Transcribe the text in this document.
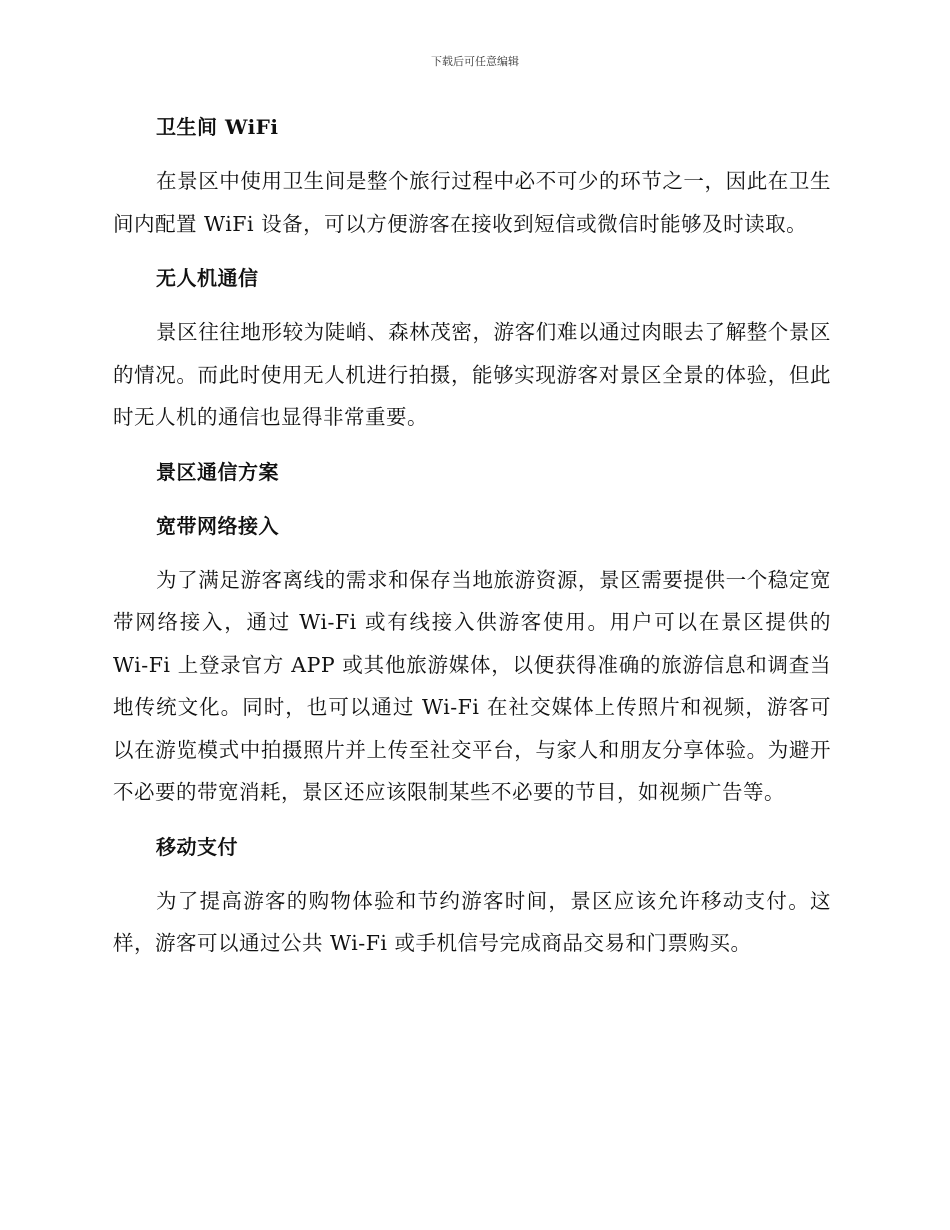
下载后可任意编辑
卫生间 WiFi

在景区中使用卫生间是整个旅行过程中必不可少的环节之一，因此在卫生间内配置 WiFi 设备，可以方便游客在接收到短信或微信时能够及时读取。

无人机通信

景区往往地形较为陡峭、森林茂密，游客们难以通过肉眼去了解整个景区的情况。而此时使用无人机进行拍摄，能够实现游客对景区全景的体验，但此时无人机的通信也显得非常重要。

景区通信方案
宽带网络接入

为了满足游客离线的需求和保存当地旅游资源，景区需要提供一个稳定宽带网络接入，通过 Wi-Fi 或有线接入供游客使用。用户可以在景区提供的 Wi-Fi 上登录官方 APP 或其他旅游媒体，以便获得准确的旅游信息和调查当地传统文化。同时，也可以通过 Wi-Fi 在社交媒体上传照片和视频，游客可以在游览模式中拍摄照片并上传至社交平台，与家人和朋友分享体验。为避开不必要的带宽消耗，景区还应该限制某些不必要的节目，如视频广告等。

移动支付

为了提高游客的购物体验和节约游客时间，景区应该允许移动支付。这样，游客可以通过公共 Wi-Fi 或手机信号完成商品交易和门票购买。
